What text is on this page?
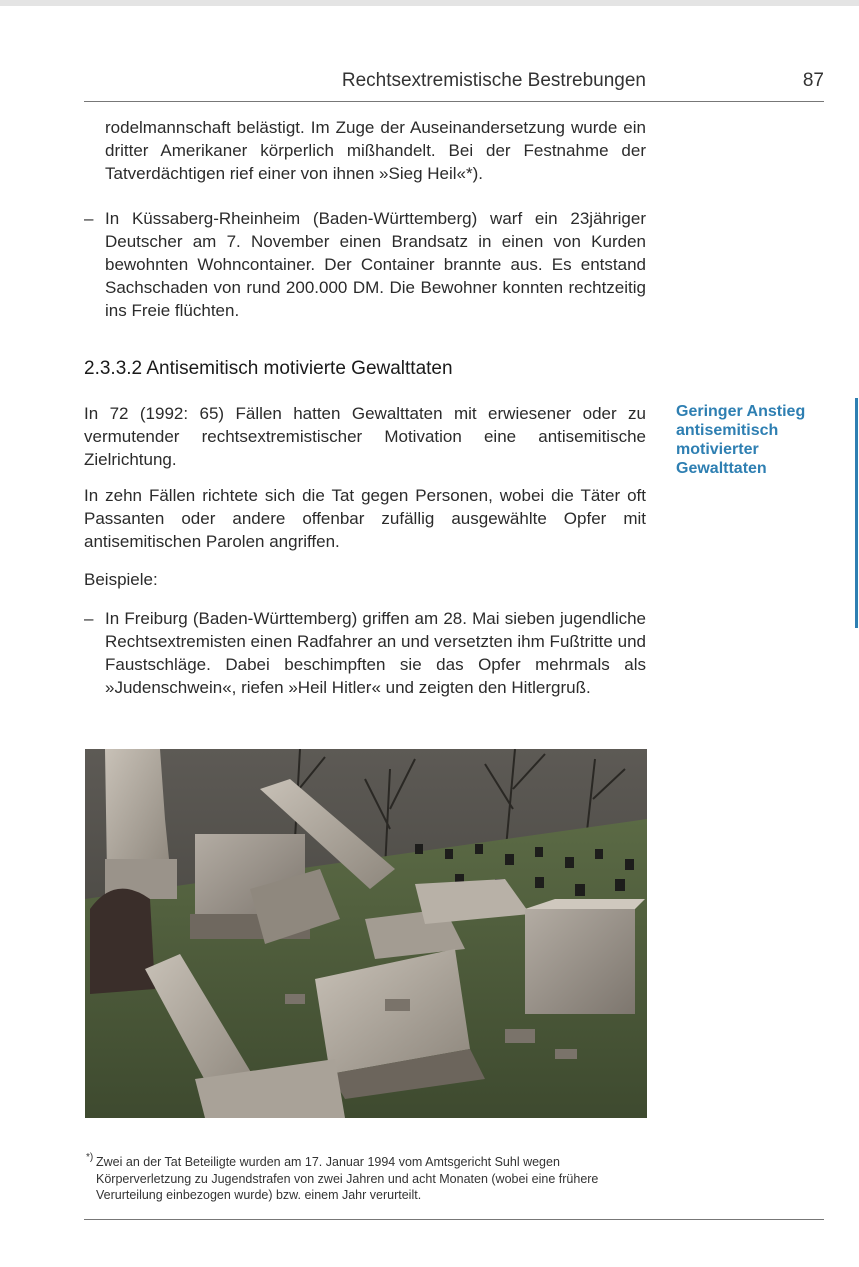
Rechtsextremistische Bestrebungen	87

rodelmannschaft belästigt. Im Zuge der Auseinandersetzung wurde ein dritter Amerikaner körperlich mißhandelt. Bei der Festnahme der Tatverdächtigen rief einer von ihnen »Sieg Heil«*).

– In Küssaberg-Rheinheim (Baden-Württemberg) warf ein 23jähriger Deutscher am 7. November einen Brandsatz in einen von Kurden bewohnten Wohncontainer. Der Container brannte aus. Es entstand Sachschaden von rund 200.000 DM. Die Bewohner konnten rechtzeitig ins Freie flüchten.

2.3.3.2 Antisemitisch motivierte Gewalttaten

Geringer Anstieg antisemitisch motivierter Gewalttaten

In 72 (1992: 65) Fällen hatten Gewalttaten mit erwiesener oder zu vermutender rechtsextremistischer Motivation eine antisemitische Zielrichtung.

In zehn Fällen richtete sich die Tat gegen Personen, wobei die Täter oft Passanten oder andere offenbar zufällig ausgewählte Opfer mit antisemitischen Parolen angriffen.

Beispiele:

– In Freiburg (Baden-Württemberg) griffen am 28. Mai sieben jugendliche Rechtsextremisten einen Radfahrer an und versetzten ihm Fußtritte und Faustschläge. Dabei beschimpften sie das Opfer mehrmals als »Judenschwein«, riefen »Heil Hitler« und zeigten den Hitlergruß.

*) Zwei an der Tat Beteiligte wurden am 17. Januar 1994 vom Amtsgericht Suhl wegen Körperverletzung zu Jugendstrafen von zwei Jahren und acht Monaten (wobei eine frühere Verurteilung einbezogen wurde) bzw. einem Jahr verurteilt.
